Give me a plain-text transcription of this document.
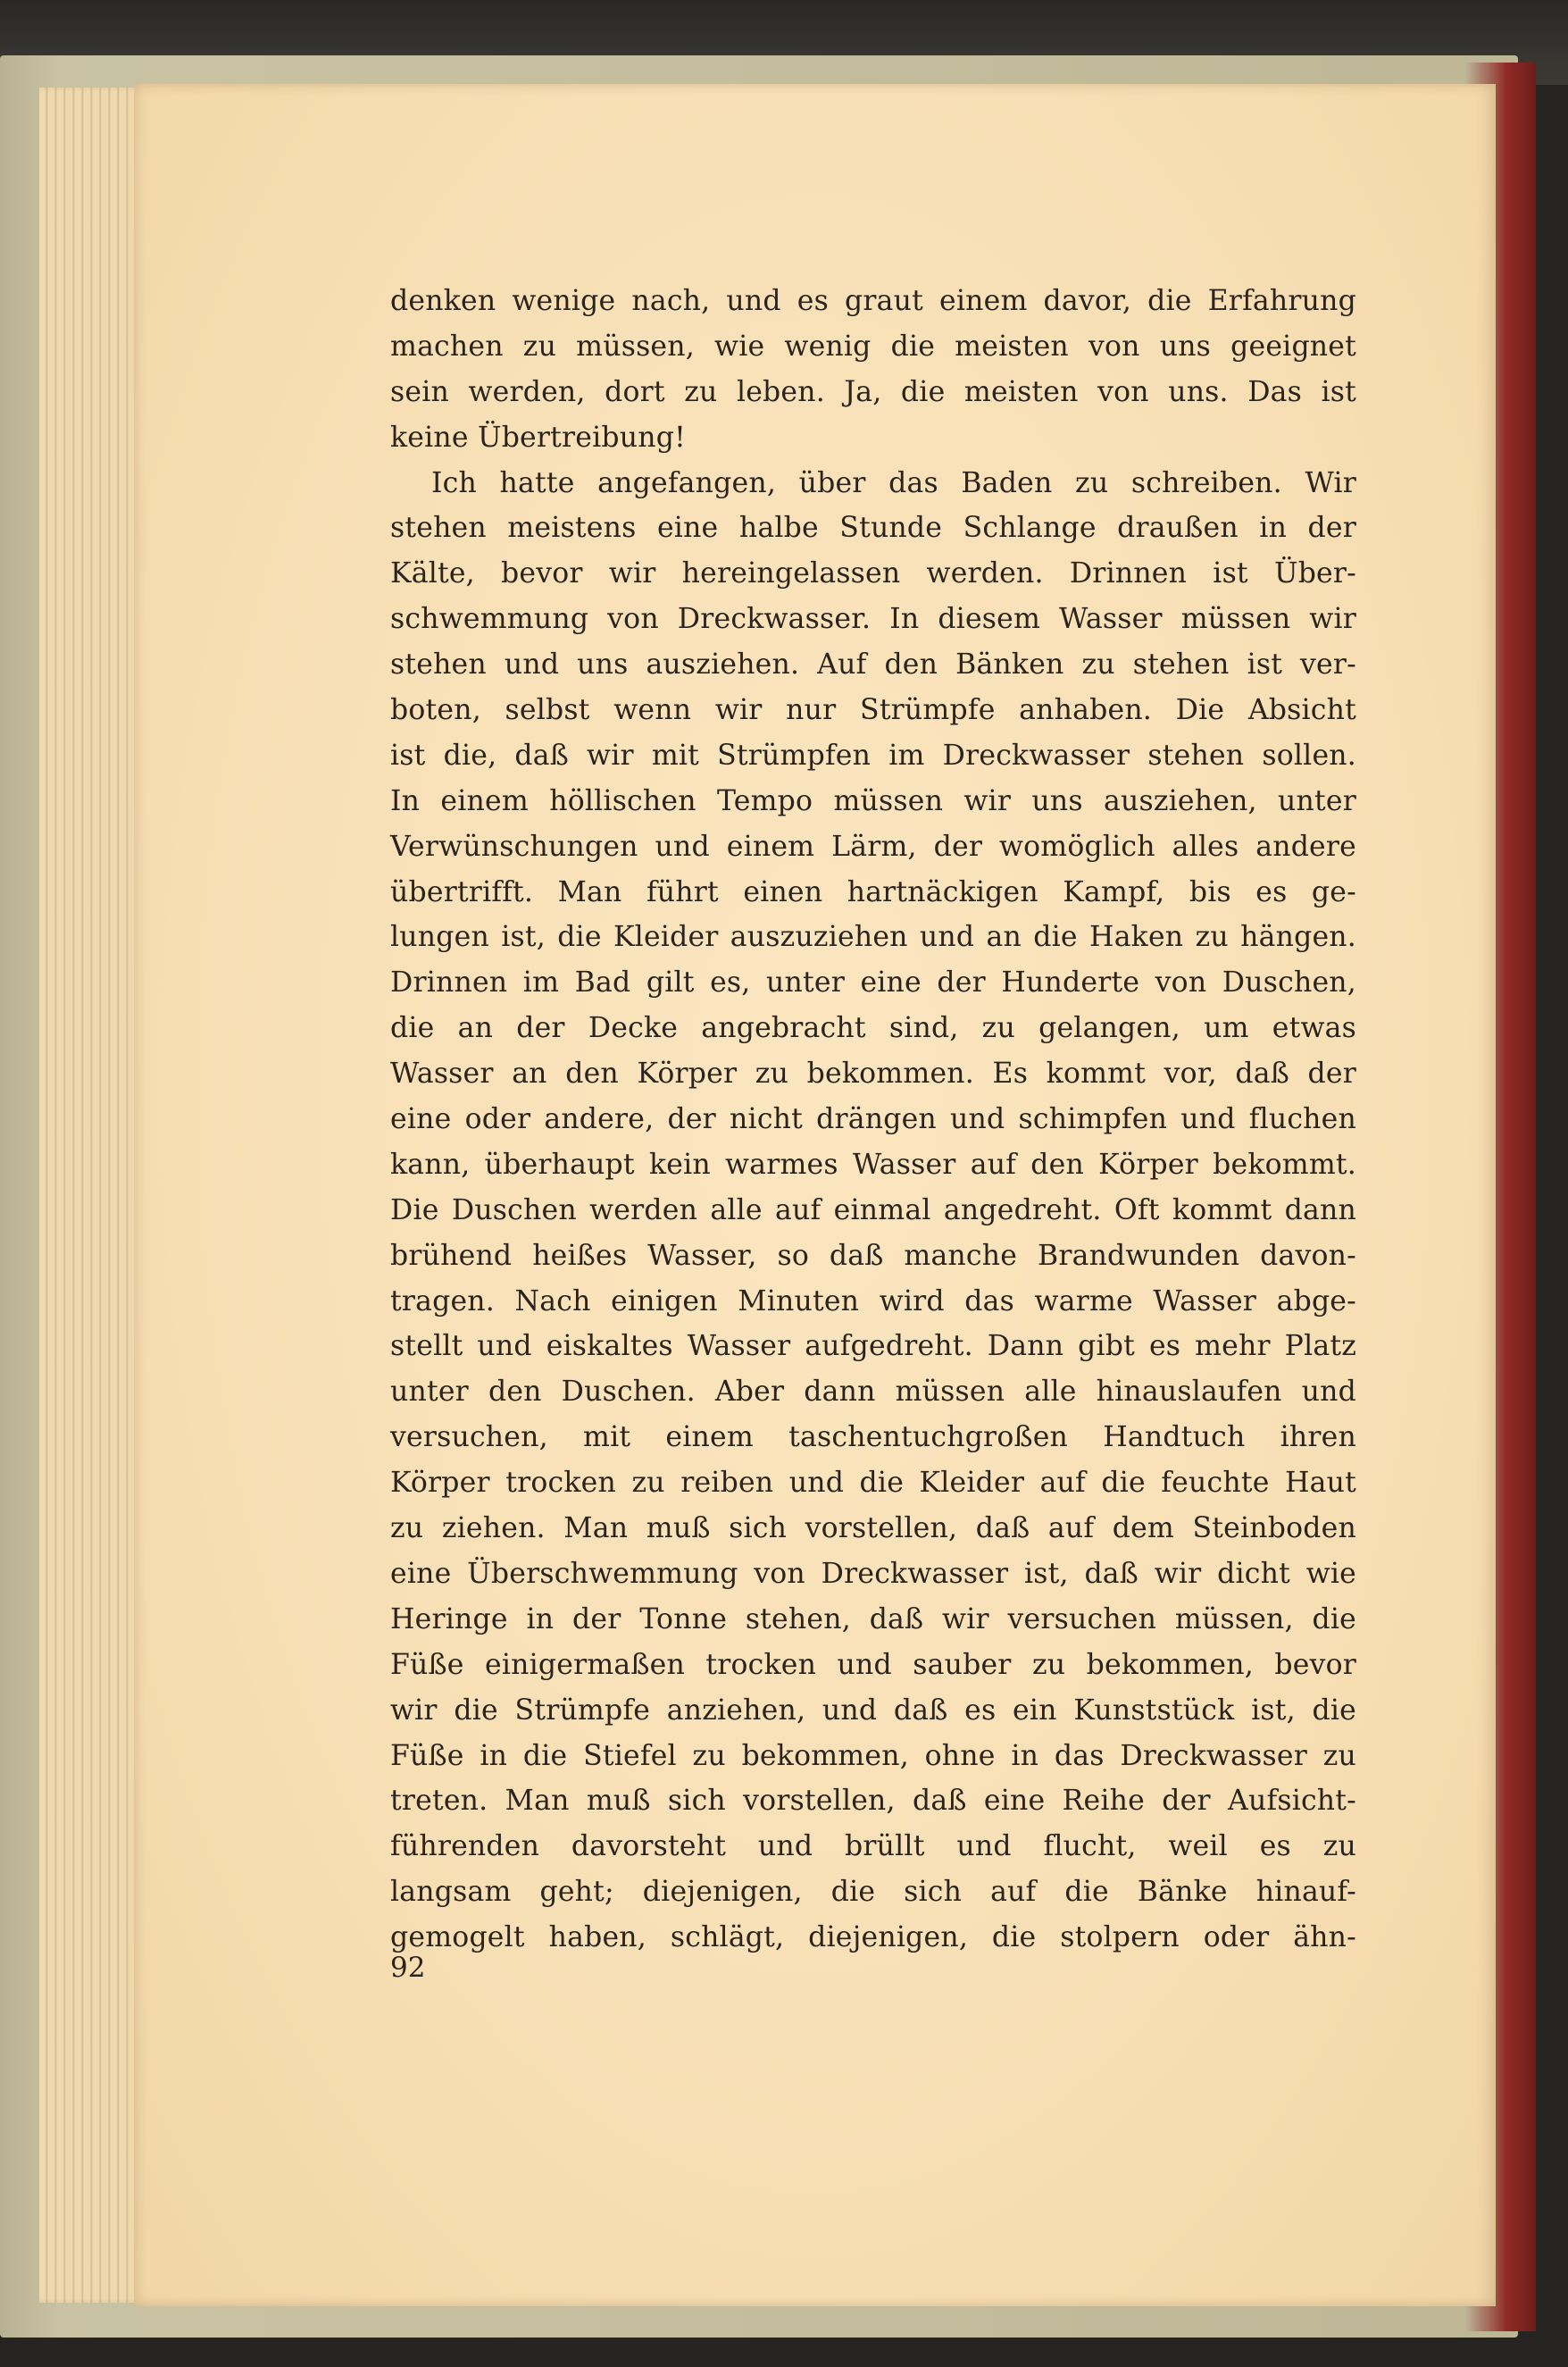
denken wenige nach, und es graut einem davor, die Erfahrung
machen zu müssen, wie wenig die meisten von uns geeignet
sein werden, dort zu leben. Ja, die meisten von uns. Das ist
keine Übertreibung!
Ich hatte angefangen, über das Baden zu schreiben. Wir
stehen meistens eine halbe Stunde Schlange draußen in der
Kälte, bevor wir hereingelassen werden. Drinnen ist Über-
schwemmung von Dreckwasser. In diesem Wasser müssen wir
stehen und uns ausziehen. Auf den Bänken zu stehen ist ver-
boten, selbst wenn wir nur Strümpfe anhaben. Die Absicht
ist die, daß wir mit Strümpfen im Dreckwasser stehen sollen.
In einem höllischen Tempo müssen wir uns ausziehen, unter
Verwünschungen und einem Lärm, der womöglich alles andere
übertrifft. Man führt einen hartnäckigen Kampf, bis es ge-
lungen ist, die Kleider auszuziehen und an die Haken zu hängen.
Drinnen im Bad gilt es, unter eine der Hunderte von Duschen,
die an der Decke angebracht sind, zu gelangen, um etwas
Wasser an den Körper zu bekommen. Es kommt vor, daß der
eine oder andere, der nicht drängen und schimpfen und fluchen
kann, überhaupt kein warmes Wasser auf den Körper bekommt.
Die Duschen werden alle auf einmal angedreht. Oft kommt dann
brühend heißes Wasser, so daß manche Brandwunden davon-
tragen. Nach einigen Minuten wird das warme Wasser abge-
stellt und eiskaltes Wasser aufgedreht. Dann gibt es mehr Platz
unter den Duschen. Aber dann müssen alle hinauslaufen und
versuchen, mit einem taschentuchgroßen Handtuch ihren
Körper trocken zu reiben und die Kleider auf die feuchte Haut
zu ziehen. Man muß sich vorstellen, daß auf dem Steinboden
eine Überschwemmung von Dreckwasser ist, daß wir dicht wie
Heringe in der Tonne stehen, daß wir versuchen müssen, die
Füße einigermaßen trocken und sauber zu bekommen, bevor
wir die Strümpfe anziehen, und daß es ein Kunststück ist, die
Füße in die Stiefel zu bekommen, ohne in das Dreckwasser zu
treten. Man muß sich vorstellen, daß eine Reihe der Aufsicht-
führenden davorsteht und brüllt und flucht, weil es zu
langsam geht; diejenigen, die sich auf die Bänke hinauf-
gemogelt haben, schlägt, diejenigen, die stolpern oder ähn-
92
